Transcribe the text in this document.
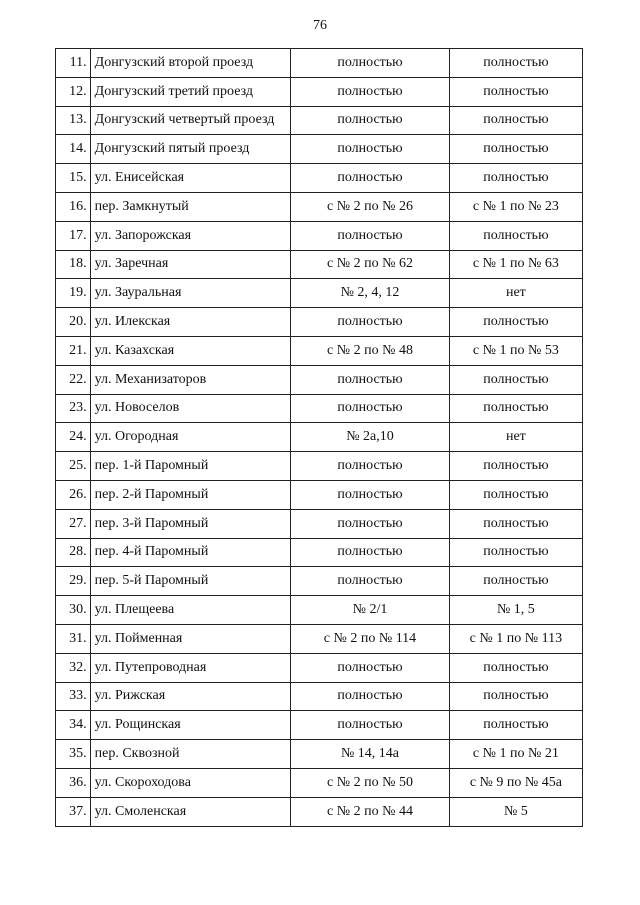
76
11.	Донгузский второй проезд	полностью	полностью
12.	Донгузский третий проезд	полностью	полностью
13.	Донгузский четвертый проезд	полностью	полностью
14.	Донгузский пятый проезд	полностью	полностью
15.	ул. Енисейская	полностью	полностью
16.	пер. Замкнутый	с № 2 по № 26	с № 1 по № 23
17.	ул. Запорожская	полностью	полностью
18.	ул. Заречная	с № 2 по № 62	с № 1 по № 63
19.	ул. Зауральная	№ 2, 4, 12	нет
20.	ул. Илекская	полностью	полностью
21.	ул. Казахская	с № 2 по № 48	с № 1 по № 53
22.	ул. Механизаторов	полностью	полностью
23.	ул. Новоселов	полностью	полностью
24.	ул. Огородная	№ 2а,10	нет
25.	пер. 1-й Паромный	полностью	полностью
26.	пер. 2-й Паромный	полностью	полностью
27.	пер. 3-й Паромный	полностью	полностью
28.	пер. 4-й Паромный	полностью	полностью
29.	пер. 5-й Паромный	полностью	полностью
30.	ул. Плещеева	№ 2/1	№ 1, 5
31.	ул. Пойменная	с № 2 по № 114	с № 1 по № 113
32.	ул. Путепроводная	полностью	полностью
33.	ул. Рижская	полностью	полностью
34.	ул. Рощинская	полностью	полностью
35.	пер. Сквозной	№ 14, 14а	с № 1 по № 21
36.	ул. Скороходова	с № 2 по № 50	с № 9 по № 45а
37.	ул. Смоленская	с № 2 по № 44	№ 5
